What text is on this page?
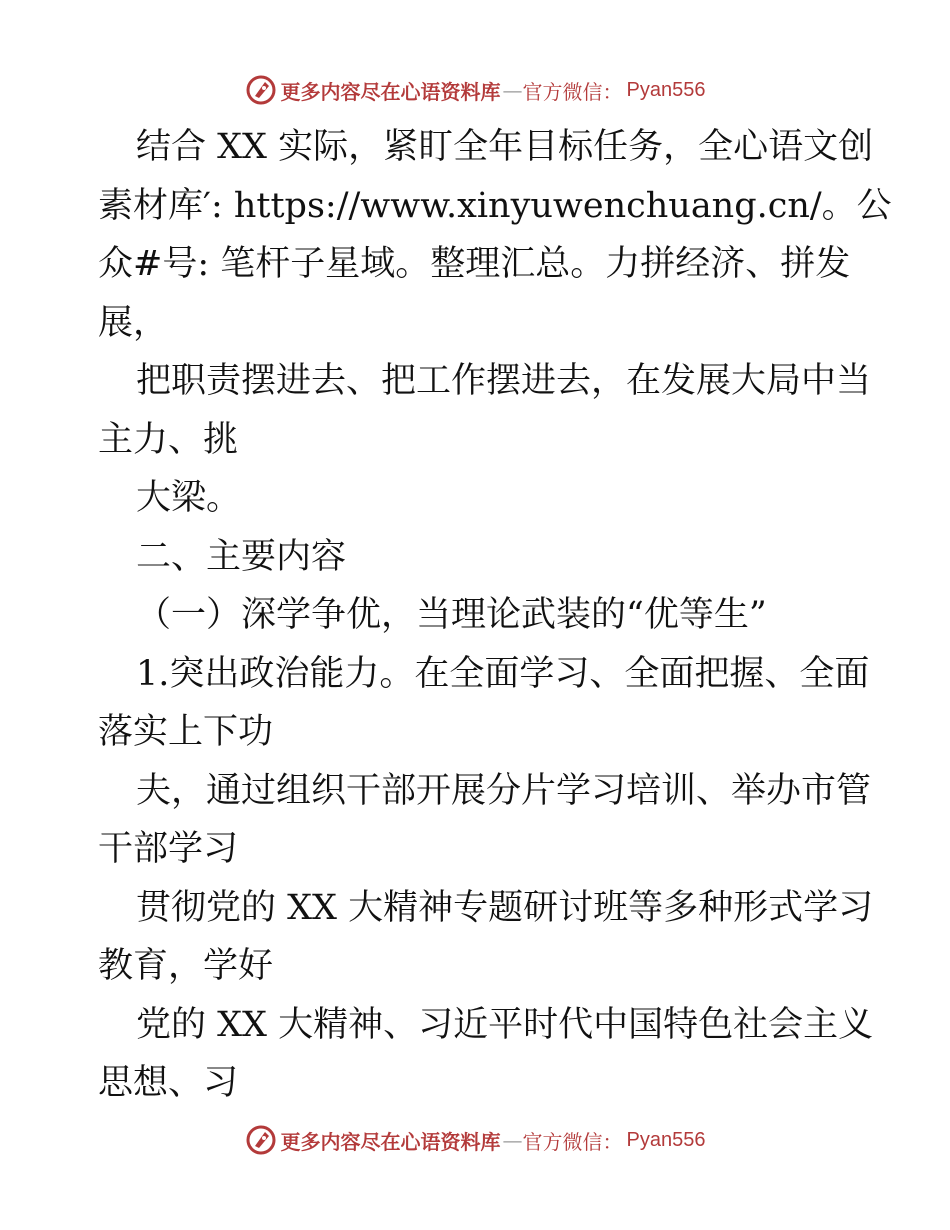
更多内容尽在心语资料库 — 官方微信： Pyan556
结合 XX 实际，紧盯全年目标任务，全心语文创
素材库′: https://www.xinyuwenchuang.cn/。公
众#号: 笔杆子星域。整理汇总。力拼经济、拼发
展，
把职责摆进去、把工作摆进去，在发展大局中当
主力、挑
大梁。
二、主要内容
（一）深学争优，当理论武装的“优等生”
1.突出政治能力。在全面学习、全面把握、全面
落实上下功
夫，通过组织干部开展分片学习培训、举办市管
干部学习
贯彻党的 XX 大精神专题研讨班等多种形式学习
教育，学好
党的 XX 大精神、习近平时代中国特色社会主义
思想、习
更多内容尽在心语资料库 — 官方微信： Pyan556
